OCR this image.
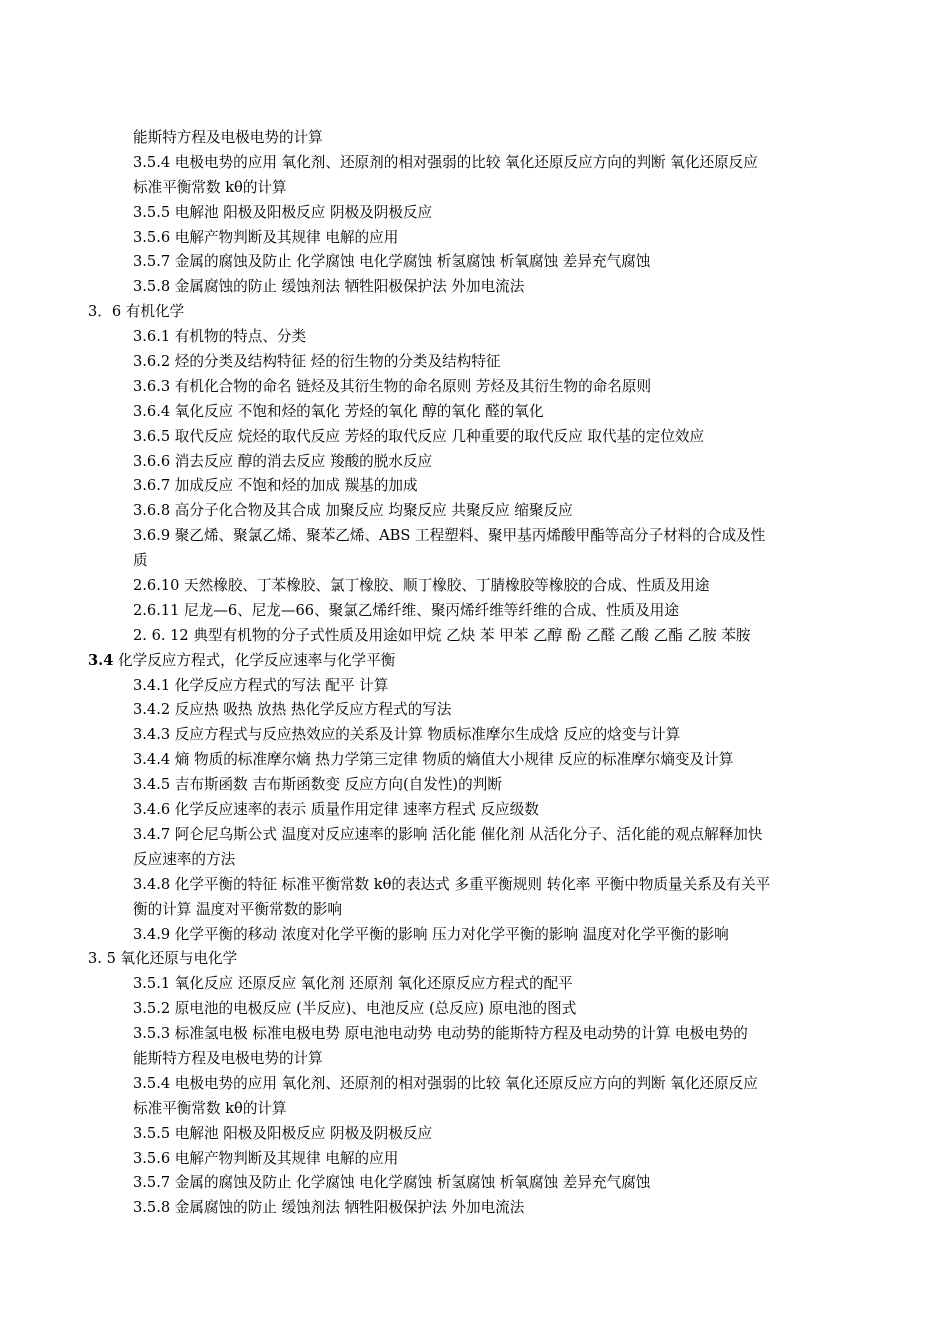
能斯特方程及电极电势的计算
3.5.4 电极电势的应用 氧化剂、还原剂的相对强弱的比较 氧化还原反应方向的判断 氧化还原反应
标准平衡常数 kθ的计算
3.5.5 电解池 阳极及阳极反应 阴极及阴极反应
3.5.6 电解产物判断及其规律 电解的应用
3.5.7 金属的腐蚀及防止 化学腐蚀 电化学腐蚀 析氢腐蚀 析氧腐蚀 差异充气腐蚀
3.5.8 金属腐蚀的防止 缓蚀剂法 牺牲阳极保护法 外加电流法
3．6 有机化学
3.6.1 有机物的特点、分类
3.6.2 烃的分类及结构特征 烃的衍生物的分类及结构特征
3.6.3 有机化合物的命名 链烃及其衍生物的命名原则 芳烃及其衍生物的命名原则
3.6.4 氧化反应 不饱和烃的氧化 芳烃的氧化 醇的氧化 醛的氧化
3.6.5 取代反应 烷烃的取代反应 芳烃的取代反应 几种重要的取代反应 取代基的定位效应
3.6.6 消去反应 醇的消去反应 羧酸的脱水反应
3.6.7 加成反应 不饱和烃的加成 羰基的加成
3.6.8 高分子化合物及其合成 加聚反应 均聚反应 共聚反应 缩聚反应
3.6.9 聚乙烯、聚氯乙烯、聚苯乙烯、ABS 工程塑料、聚甲基丙烯酸甲酯等高分子材料的合成及性
质
2.6.10 天然橡胶、丁苯橡胶、氯丁橡胶、顺丁橡胶、丁腈橡胶等橡胶的合成、性质及用途
2.6.11 尼龙—6、尼龙—66、聚氯乙烯纤维、聚丙烯纤维等纤维的合成、性质及用途
2. 6. 12 典型有机物的分子式性质及用途如甲烷 乙炔 苯 甲苯 乙醇 酚 乙醛 乙酸 乙酯 乙胺 苯胺
3.4 化学反应方程式，化学反应速率与化学平衡
3.4.1 化学反应方程式的写法 配平 计算
3.4.2 反应热 吸热 放热 热化学反应方程式的写法
3.4.3 反应方程式与反应热效应的关系及计算 物质标准摩尔生成焓 反应的焓变与计算
3.4.4 熵 物质的标准摩尔熵 热力学第三定律 物质的熵值大小规律 反应的标准摩尔熵变及计算
3.4.5 吉布斯函数 吉布斯函数变 反应方向(自发性)的判断
3.4.6 化学反应速率的表示 质量作用定律 速率方程式 反应级数
3.4.7 阿仑尼乌斯公式 温度对反应速率的影响 活化能 催化剂 从活化分子、活化能的观点解释加快
反应速率的方法
3.4.8 化学平衡的特征 标准平衡常数 kθ的表达式 多重平衡规则 转化率 平衡中物质量关系及有关平
衡的计算 温度对平衡常数的影响
3.4.9 化学平衡的移动 浓度对化学平衡的影响 压力对化学平衡的影响 温度对化学平衡的影响
3. 5 氧化还原与电化学
3.5.1 氧化反应 还原反应 氧化剂 还原剂 氧化还原反应方程式的配平
3.5.2 原电池的电极反应 (半反应)、电池反应 (总反应) 原电池的图式
3.5.3 标准氢电极 标准电极电势 原电池电动势 电动势的能斯特方程及电动势的计算 电极电势的
能斯特方程及电极电势的计算
3.5.4 电极电势的应用 氧化剂、还原剂的相对强弱的比较 氧化还原反应方向的判断 氧化还原反应
标准平衡常数 kθ的计算
3.5.5 电解池 阳极及阳极反应 阴极及阴极反应
3.5.6 电解产物判断及其规律 电解的应用
3.5.7 金属的腐蚀及防止 化学腐蚀 电化学腐蚀 析氢腐蚀 析氧腐蚀 差异充气腐蚀
3.5.8 金属腐蚀的防止 缓蚀剂法 牺牲阳极保护法 外加电流法
